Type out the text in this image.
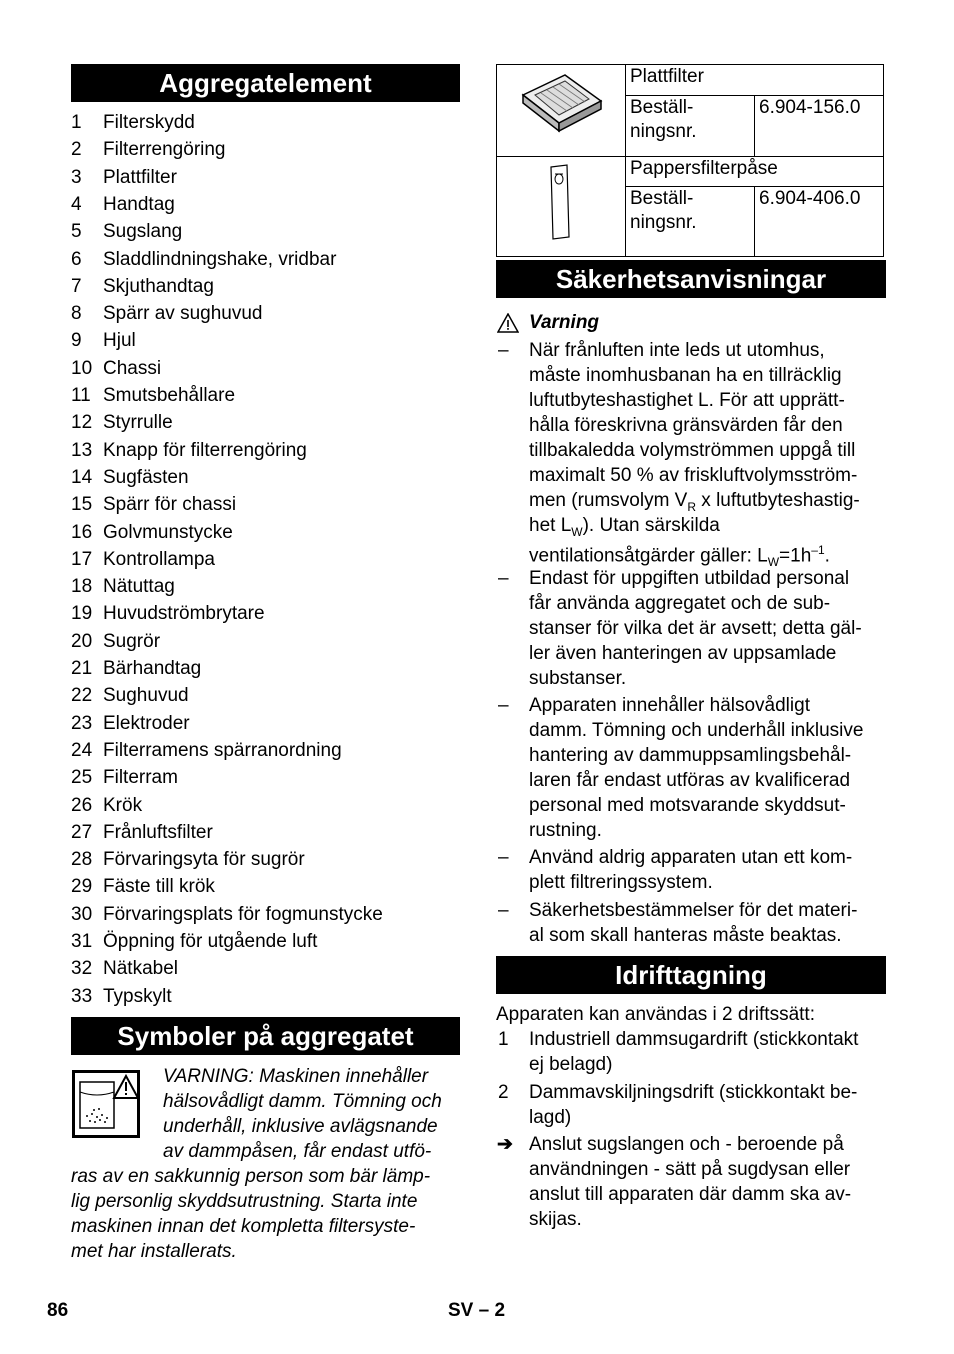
Aggregatelement
1 Filterskydd
2 Filterrengöring
3 Plattfilter
4 Handtag
5 Sugslang
6 Sladdlindningshake, vridbar
7 Skjuthandtag
8 Spärr av sughuvud
9 Hjul
10 Chassi
11 Smutsbehållare
12 Styrrulle
13 Knapp för filterrengöring
14 Sugfästen
15 Spärr för chassi
16 Golvmunstycke
17 Kontrollampa
18 Nätuttag
19 Huvudströmbrytare
20 Sugrör
21 Bärhandtag
22 Sughuvud
23 Elektroder
24 Filterramens spärranordning
25 Filterram
26 Krök
27 Frånluftsfilter
28 Förvaringsyta för sugrör
29 Fäste till krök
30 Förvaringsplats för fogmunstycke
31 Öppning för utgående luft
32 Nätkabel
33 Typskylt
Symboler på aggregatet
VARNING: Maskinen innehåller
hälsovådligt damm. Tömning och
underhåll, inklusive avlägsnande
av dammpåsen, får endast utfö-
ras av en sakkunnig person som bär lämp-
lig personlig skyddsutrustning. Starta inte
maskinen innan det kompletta filtersyste-
met har installerats.
	Plattfilter	
	Beställ-
ningsnr.	6.904-156.0
	Pappersfilterpåse	
	Beställ-
ningsnr.	6.904-406.0
Säkerhetsanvisningar
Varning
– När frånluften inte leds ut utomhus,
måste inomhusbanan ha en tillräcklig
luftutbyteshastighet L. För att upprätt-
hålla föreskrivna gränsvärden får den
tillbakaledda volymströmmen uppgå till
maximalt 50 % av friskluftvolymsström-
men (rumsvolym $V_R$ x luftutbyteshastig-
het $L_W$). Utan särskilda
ventilationsåtgärder gäller: $L_W=1h^{-1}$.
– Endast för uppgiften utbildad personal
får använda aggregatet och de sub-
stanser för vilka det är avsett; detta gäl-
ler även hanteringen av uppsamlade
substanser.
– Apparaten innehåller hälsovådligt
damm. Tömning och underhåll inklusive
hantering av dammuppsamlingsbehål-
laren får endast utföras av kvalificerad
personal med motsvarande skyddsut-
rustning.
– Använd aldrig apparaten utan ett kom-
plett filtreringssystem.
– Säkerhetsbestämmelser för det materi-
al som skall hanteras måste beaktas.
Idrifttagning
Apparaten kan användas i 2 driftssätt:
1 Industriell dammsugardrift (stickkontakt
ej belagd)
2 Dammavskiljningsdrift (stickkontakt be-
lagd)
➔ Anslut sugslangen och - beroende på
användningen - sätt på sugdysan eller
anslut till apparaten där damm ska av-
skijas.
86	SV – 2
